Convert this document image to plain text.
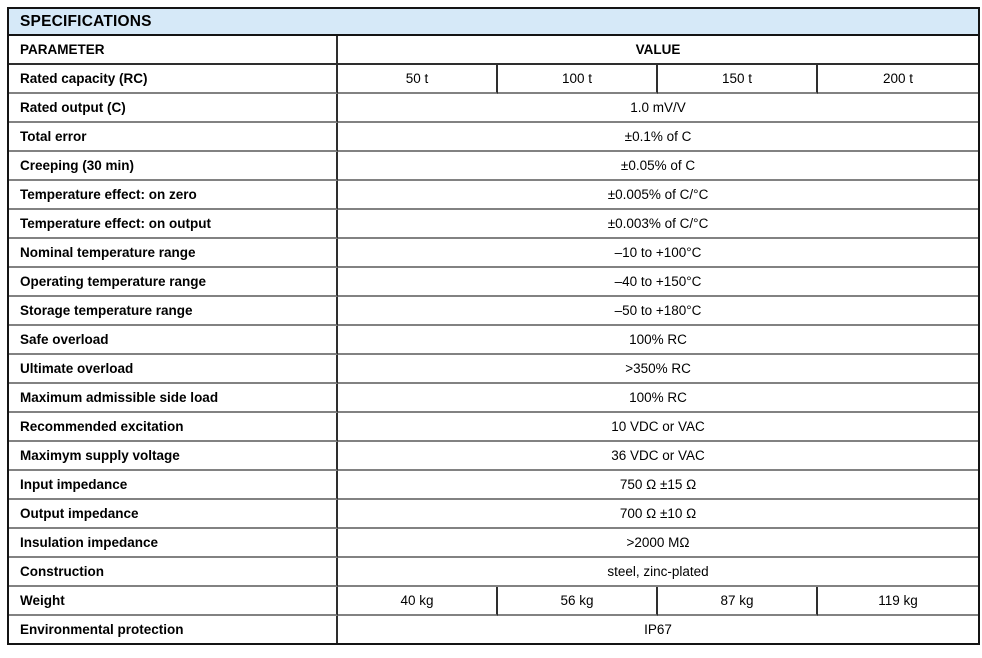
SPECIFICATIONS				
PARAMETER	VALUE			
Rated capacity (RC)	50 t	100 t	150 t	200 t
Rated output (C)	1.0 mV/V			
Total error	±0.1% of C			
Creeping (30 min)	±0.05% of C			
Temperature effect: on zero	±0.005% of C/°C			
Temperature effect: on output	±0.003% of C/°C			
Nominal temperature range	–10 to +100°C			
Operating temperature range	–40 to +150°C			
Storage temperature range	–50 to +180°C			
Safe overload	100% RC			
Ultimate overload	>350% RC			
Maximum admissible side load	100% RC			
Recommended excitation	10 VDC or VAC			
Maximym supply voltage	36 VDC or VAC			
Input impedance	750 Ω ±15 Ω			
Output impedance	700 Ω ±10 Ω			
Insulation impedance	>2000 MΩ			
Construction	steel, zinc-plated			
Weight	40 kg	56 kg	87 kg	119 kg
Environmental protection	IP67			
